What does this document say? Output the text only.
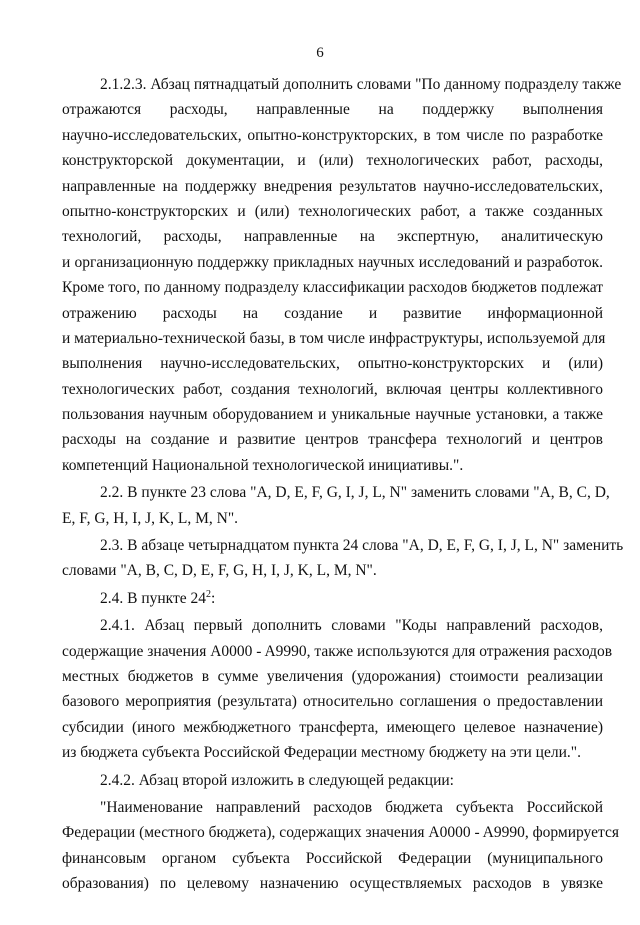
6
2.1.2.3. Абзац пятнадцатый дополнить словами "По данному подразделу также
отражаются расходы, направленные на поддержку выполнения
научно-исследовательских, опытно-конструкторских, в том числе по разработке
конструкторской документации, и (или) технологических работ, расходы,
направленные на поддержку внедрения результатов научно-исследовательских,
опытно-конструкторских и (или) технологических работ, а также созданных
технологий, расходы, направленные на экспертную, аналитическую
и организационную поддержку прикладных научных исследований и разработок.
Кроме того, по данному подразделу классификации расходов бюджетов подлежат
отражению расходы на создание и развитие информационной
и материально-технической базы, в том числе инфраструктуры, используемой для
выполнения научно-исследовательских, опытно-конструкторских и (или)
технологических работ, создания технологий, включая центры коллективного
пользования научным оборудованием и уникальные научные установки, а также
расходы на создание и развитие центров трансфера технологий и центров
компетенций Национальной технологической инициативы.".
2.2. В пункте 23 слова "A, D, E, F, G, I, J, L, N" заменить словами "A, B, C, D,
E, F, G, H, I, J, K, L, M, N".
2.3. В абзаце четырнадцатом пункта 24 слова "A, D, E, F, G, I, J, L, N" заменить
словами "A, B, C, D, E, F, G, H, I, J, K, L, M, N".
2.4. В пункте $24^2$:
2.4.1. Абзац первый дополнить словами "Коды направлений расходов,
содержащие значения A0000 - A9990, также используются для отражения расходов
местных бюджетов в сумме увеличения (удорожания) стоимости реализации
базового мероприятия (результата) относительно соглашения о предоставлении
субсидии (иного межбюджетного трансферта, имеющего целевое назначение)
из бюджета субъекта Российской Федерации местному бюджету на эти цели.".
2.4.2. Абзац второй изложить в следующей редакции:
"Наименование направлений расходов бюджета субъекта Российской
Федерации (местного бюджета), содержащих значения A0000 - A9990, формируется
финансовым органом субъекта Российской Федерации (муниципального
образования) по целевому назначению осуществляемых расходов в увязке
